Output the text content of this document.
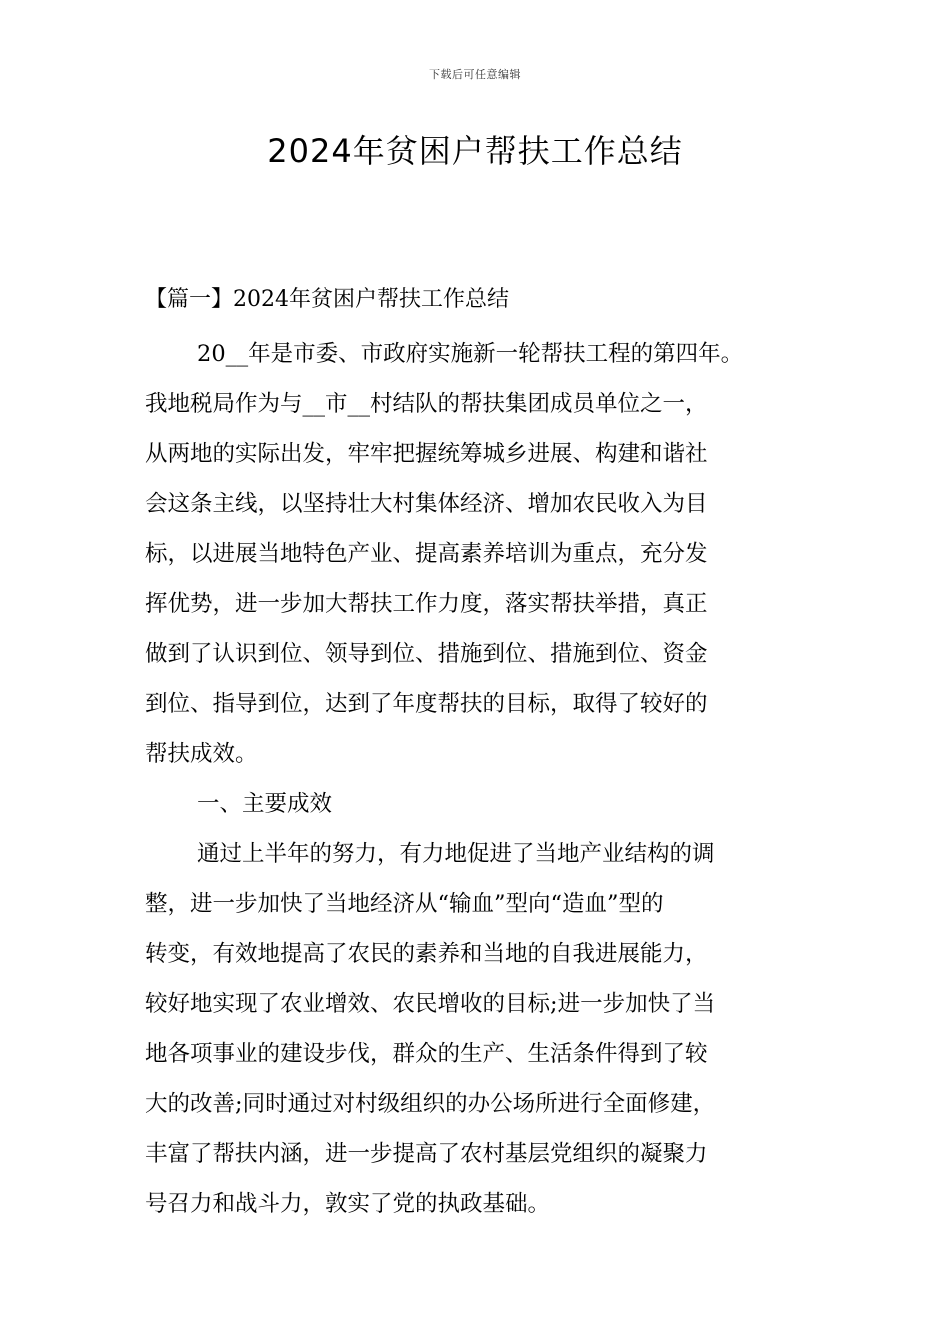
下载后可任意编辑
2024年贫困户帮扶工作总结
【篇一】2024年贫困户帮扶工作总结
20__年是市委、市政府实施新一轮帮扶工程的第四年。
我地税局作为与__市__村结队的帮扶集团成员单位之一，
从两地的实际出发，牢牢把握统筹城乡进展、构建和谐社
会这条主线，以坚持壮大村集体经济、增加农民收入为目
标，以进展当地特色产业、提高素养培训为重点，充分发
挥优势，进一步加大帮扶工作力度，落实帮扶举措，真正
做到了认识到位、领导到位、措施到位、措施到位、资金
到位、指导到位，达到了年度帮扶的目标，取得了较好的
帮扶成效。
一、主要成效
通过上半年的努力，有力地促进了当地产业结构的调
整，进一步加快了当地经济从“输血”型向“造血”型的
转变，有效地提高了农民的素养和当地的自我进展能力，
较好地实现了农业增效、农民增收的目标;进一步加快了当
地各项事业的建设步伐，群众的生产、生活条件得到了较
大的改善;同时通过对村级组织的办公场所进行全面修建，
丰富了帮扶内涵，进一步提高了农村基层党组织的凝聚力
号召力和战斗力，敦实了党的执政基础。
